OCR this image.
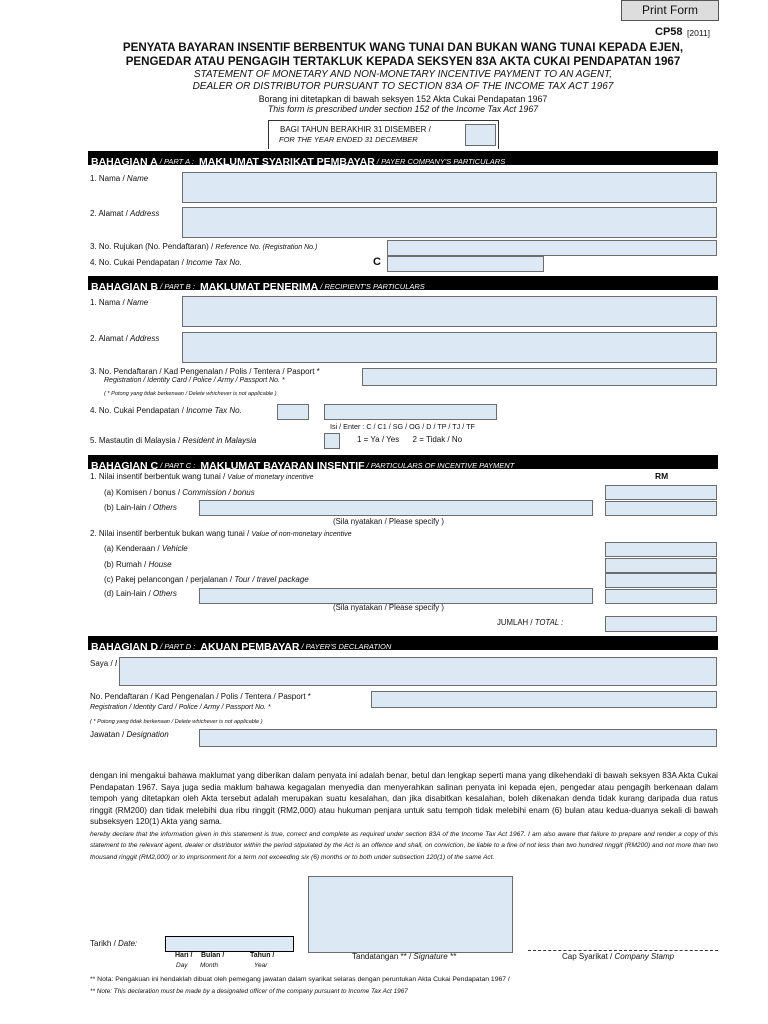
Print Form
CP58 [2011]
PENYATA BAYARAN INSENTIF BERBENTUK WANG TUNAI DAN BUKAN WANG TUNAI KEPADA EJEN,
PENGEDAR ATAU PENGAGIH TERTAKLUK KEPADA SEKSYEN 83A AKTA CUKAI PENDAPATAN 1967
STATEMENT OF MONETARY AND NON-MONETARY INCENTIVE PAYMENT TO AN AGENT,
DEALER OR DISTRIBUTOR PURSUANT TO SECTION 83A OF THE INCOME TAX ACT 1967
Borang ini ditetapkan di bawah seksyen 152 Akta Cukai Pendapatan 1967
This form is prescribed under section 152 of the Income Tax Act 1967
BAGI TAHUN BERAKHIR 31 DISEMBER /
FOR THE YEAR ENDED 31 DECEMBER
BAHAGIAN A / PART A : MAKLUMAT SYARIKAT PEMBAYAR / PAYER COMPANY'S PARTICULARS
1. Nama / Name
2. Alamat / Address
3. No. Rujukan (No. Pendaftaran) / Reference No. (Registration No.)
4. No. Cukai Pendapatan / Income Tax No.	C
BAHAGIAN B / PART B : MAKLUMAT PENERIMA / RECIPIENT'S PARTICULARS
1. Nama / Name
2. Alamat / Address
3. No. Pendaftaran / Kad Pengenalan / Polis / Tentera / Pasport *
Registration / Identity Card / Police / Army / Passport No. *
( * Potong yang tidak berkenaan / Delete whichever is not applicable )
4. No. Cukai Pendapatan / Income Tax No.
Isi / Enter : C / C1 / SG / OG / D / TP / TJ / TF
5. Mastautin di Malaysia / Resident in Malaysia	1 = Ya / Yes      2 = Tidak / No
BAHAGIAN C / PART C : MAKLUMAT BAYARAN INSENTIF / PARTICULARS OF INCENTIVE PAYMENT
RM
1. Nilai insentif berbentuk wang tunai / Value of monetary incentive
(a) Komisen / bonus / Commission / bonus
(b) Lain-lain / Others
(Sila nyatakan / Please specify )
2. Nilai insentif berbentuk bukan wang tunai / Value of non-monetary incentive
(a) Kenderaan / Vehicle
(b) Rumah / House
(c) Pakej pelancongan / perjalanan / Tour / travel package
(d) Lain-lain / Others
(Sila nyatakan / Please specify )
JUMLAH / TOTAL :
BAHAGIAN D / PART D : AKUAN PEMBAYAR / PAYER'S DECLARATION
Saya / I
No. Pendaftaran / Kad Pengenalan / Polis / Tentera / Pasport *
Registration / Identity Card / Police / Army / Passport No. *
( * Potong yang tidak berkenaan / Delete whichever is not applicable )
Jawatan / Designation
dengan ini mengakui bahawa maklumat yang diberikan dalam penyata ini adalah benar, betul dan lengkap seperti mana yang dikehendaki di bawah seksyen 83A Akta Cukai Pendapatan 1967. Saya juga sedia maklum bahawa kegagalan menyedia dan menyerahkan salinan penyata ini kepada ejen, pengedar atau pengagih berkenaan dalam tempoh yang ditetapkan oleh Akta tersebut adalah merupakan suatu kesalahan, dan jika disabitkan kesalahan, boleh dikenakan denda tidak kurang daripada dua ratus ringgit (RM200) dan tidak melebihi dua ribu ringgit (RM2,000) atau hukuman penjara untuk satu tempoh tidak melebihi enam (6) bulan atau kedua-duanya sekali di bawah subseksyen 120(1) Akta yang sama.
hereby declare that the information given in this statement is true, correct and complete as required under section 83A of the Income Tax Act 1967. I am also aware that failure to prepare and render a copy of this statement to the relevant agent, dealer or distributor within the period stipulated by the Act is an offence and shall, on conviction, be liable to a fine of not less than two hundred ringgit (RM200) and not more than two thousand ringgit (RM2,000) or to imprisonment for a term not exceeding six (6) months or to both under subsection 120(1) of the same Act.
Tarikh / Date:
Hari /
Day
Bulan /
Month
Tahun /
Year
Tandatangan ** / Signature **	Cap Syarikat / Company Stamp
** Nota: Pengakuan ini hendaklah dibuat oleh pemegang jawatan dalam syarikat selaras dengan peruntukan Akta Cukai Pendapatan 1967 /
** Note: This declaration must be made by a designated officer of the company pursuant to Income Tax Act 1967
